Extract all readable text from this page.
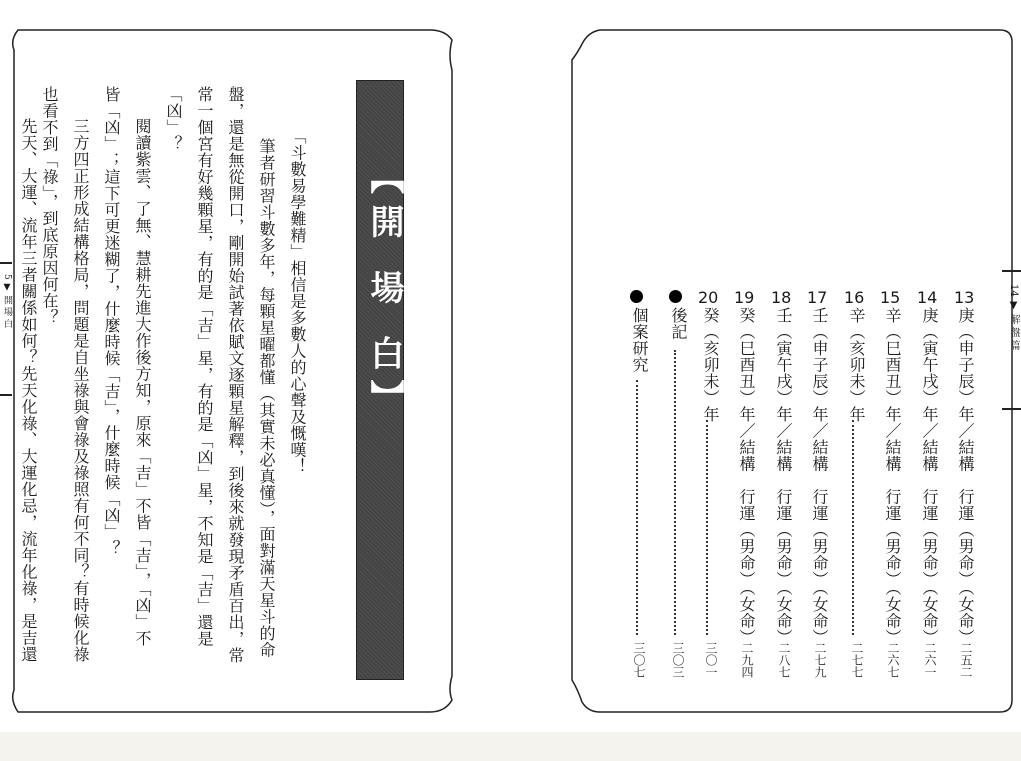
5 ▼ 開 場 白	14 ▼ 解 盤 篇
【開 場 白】
「斗數易學難精」相信是多數人的心聲及慨嘆！
筆者研習斗數多年，每顆星曜都懂（其實未必真懂），面對滿天星斗的命
盤，還是無從開口，剛開始試著依賦文逐顆星解釋，到後來就發現矛盾百出，常
常一個宮有好幾顆星，有的是「吉」星，有的是「凶」星，不知是「吉」還是
「凶」？
閱讀紫雲、了無、慧耕先進大作後方知，原來「吉」不皆「吉」，「凶」不
皆「凶」；這下可更迷糊了，什麼時候「吉」，什麼時候「凶」？
三方四正形成結構格局，問題是自坐祿與會祿及祿照有何不同？有時候化祿
也看不到「祿」，到底原因何在？
先天、大運、流年三者關係如何？先天化祿、大運化忌，流年化祿，是吉還	13
庚（申子辰）年／結構　行運（男命）（女命）
二五二
14
庚（寅午戌）年／結構　行運（男命）（女命）
二六一
15
辛（巳酉丑）年／結構　行運（男命）（女命）
二六七
16
辛（亥卯未）年
二七七
17
壬（申子辰）年／結構　行運（男命）（女命）
二七九
18
壬（寅午戌）年／結構　行運（男命）（女命）
二八七
19
癸（巳酉丑）年／結構　行運（男命）（女命）
二九四
20
癸（亥卯未）年
三〇一
後記
三〇三
個案研究
三〇七
